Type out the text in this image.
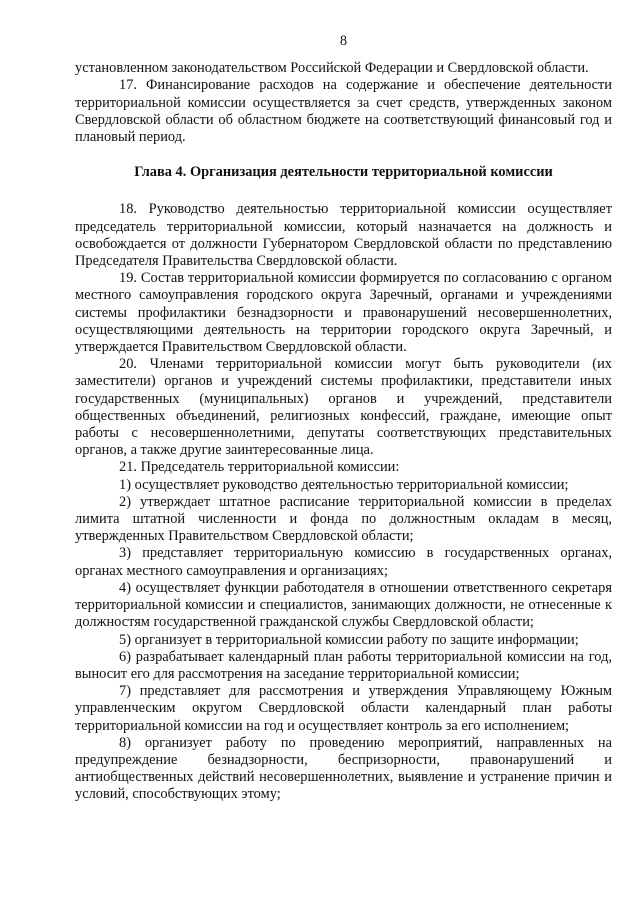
8

установленном законодательством Российской Федерации и Свердловской области.

17. Финансирование расходов на содержание и обеспечение деятельности территориальной комиссии осуществляется за счет средств, утвержденных законом Свердловской области об областном бюджете на соответствующий финансовый год и плановый период.

Глава 4. Организация деятельности территориальной комиссии

18. Руководство деятельностью территориальной комиссии осуществляет председатель территориальной комиссии, который назначается на должность и освобождается от должности Губернатором Свердловской области по представлению Председателя Правительства Свердловской области.

19. Состав территориальной комиссии формируется по согласованию с органом местного самоуправления городского округа Заречный, органами и учреждениями системы профилактики безнадзорности и правонарушений несовершеннолетних, осуществляющими деятельность на территории городского округа Заречный, и утверждается Правительством Свердловской области.

20. Членами территориальной комиссии могут быть руководители (их заместители) органов и учреждений системы профилактики, представители иных государственных (муниципальных) органов и учреждений, представители общественных объединений, религиозных конфессий, граждане, имеющие опыт работы с несовершеннолетними, депутаты соответствующих представительных органов, а также другие заинтересованные лица.

21. Председатель территориальной комиссии:

1) осуществляет руководство деятельностью территориальной комиссии;

2) утверждает штатное расписание территориальной комиссии в пределах лимита штатной численности и фонда по должностным окладам в месяц, утвержденных Правительством Свердловской области;

3) представляет территориальную комиссию в государственных органах, органах местного самоуправления и организациях;

4) осуществляет функции работодателя в отношении ответственного секретаря территориальной комиссии и специалистов, занимающих должности, не отнесенные к должностям государственной гражданской службы Свердловской области;

5) организует в территориальной комиссии работу по защите информации;

6) разрабатывает календарный план работы территориальной комиссии на год, выносит его для рассмотрения на заседание территориальной комиссии;

7) представляет для рассмотрения и утверждения Управляющему Южным управленческим округом Свердловской области календарный план работы территориальной комиссии на год и осуществляет контроль за его исполнением;

8) организует работу по проведению мероприятий, направленных на предупреждение безнадзорности, беспризорности, правонарушений и антиобщественных действий несовершеннолетних, выявление и устранение причин и условий, способствующих этому;
